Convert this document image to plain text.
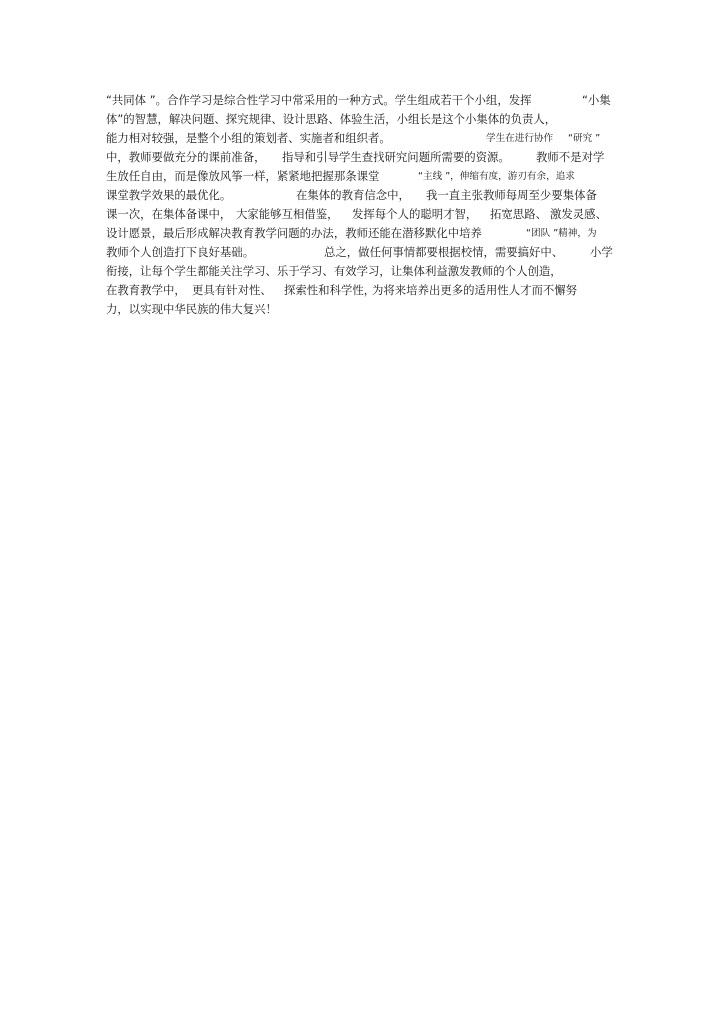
“共同体 ”。合作学习是综合性学习中常采用的一种方式。学生组成若干个小组，发挥	“小集
体”的智慧，解决问题、探究规律、设计思路、体验生活，小组长是这个小集体的负责人，
能力相对较强，是整个小组的策划者、实施者和组织者。	学生在进行协作 “研究 ”
中，教师要做充分的课前准备， 指导和引导学生查找研究问题所需要的资源。 教师不是对学
生放任自由，而是像放风筝一样，紧紧地把握那条课堂	“主线 ”，伸缩有度，游刃有余，追求
课堂教学效果的最优化。	在集体的教育信念中， 我一直主张教师每周至少要集体备
课一次，在集体备课中， 大家能够互相借鉴， 发挥每个人的聪明才智， 拓宽思路、 激发灵感、
设计愿景，最后形成解决教育教学问题的办法，教师还能在潜移默化中培养	“团队 ”精神，为
教师个人创造打下良好基础。	总之，做任何事情都要根据校情，需要搞好中、 小学
衔接，让每个学生都能关注学习、乐于学习、有效学习，让集体利益激发教师的个人创造，
在教育教学中， 更具有针对性、 探索性和科学性，
为将来培养出更多的适用性人才而不懈努
力，以实现中华民族的伟大复兴！
